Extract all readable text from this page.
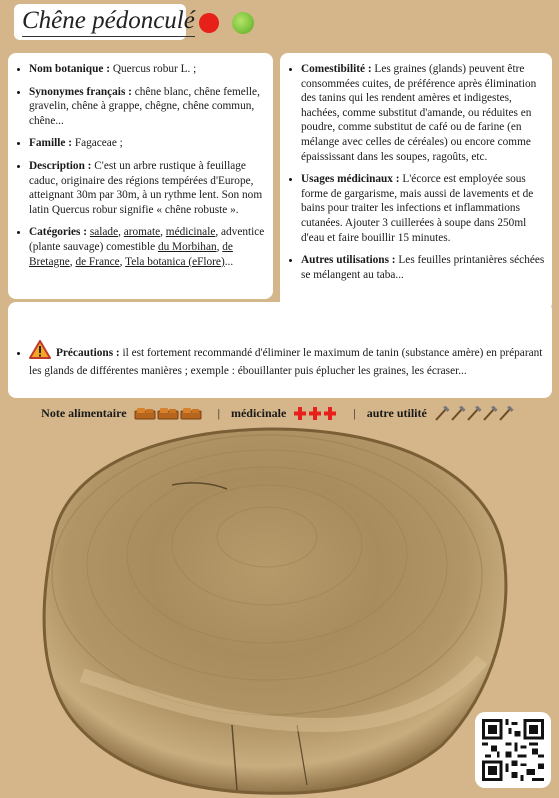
Chêne pédonculé
• Nom botanique : Quercus robur L. ;
• Synonymes français : chêne blanc, chêne femelle, gravelin, chêne à grappe, chêgne, chêne commun, chêne...
• Famille : Fagaceae ;
• Description : C'est un arbre rustique à feuillage caduc, originaire des régions tempérées d'Europe, atteignant 30m par 30m, à un rythme lent. Son nom latin Quercus robur signifie « chêne robuste ».
• Catégories : salade, aromate, médicinale, adventice (plante sauvage) comestible du Morbihan, de Bretagne, de France, Tela botanica (eFlore)...
• Comestibilité : Les graines (glands) peuvent être consommées cuites, de préférence après élimination des tanins qui les rendent amères et indigestes, hachées, comme substitut d'amande, ou réduites en poudre, comme substitut de café ou de farine (en mélange avec celles de céréales) ou encore comme épaississant dans les soupes, ragoûts, etc.
• Usages médicinaux : L'écorce est employée sous forme de gargarisme, mais aussi de lavements et de bains pour traiter les infections et inflammations cutanées. Ajouter 3 cuillerées à soupe dans 250ml d'eau et faire bouillir 15 minutes.
• Autres utilisations : Les feuilles printanières séchées se mélangent au taba...
• Précautions : il est fortement recommandé d'éliminer le maximum de tanin (substance amère) en préparant les glands de différentes manières ; exemple : ébouillanter puis éplucher les graines, les écraser...
Note alimentaire	| médicinale	| autre utilité
